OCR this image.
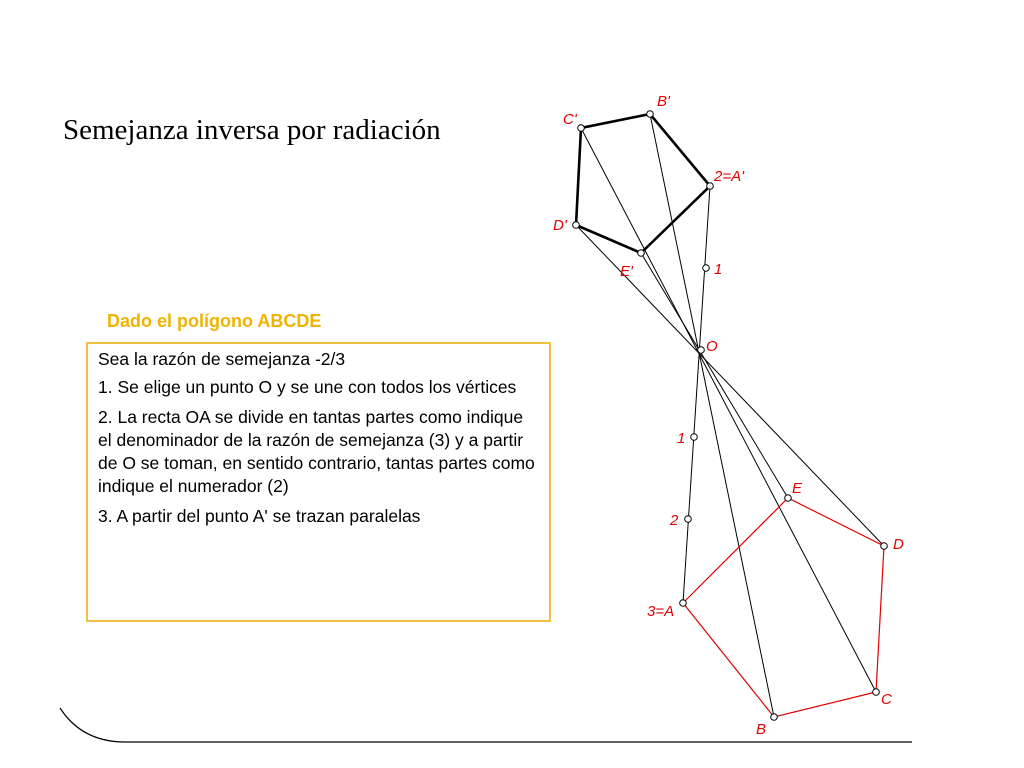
Semejanza inversa por radiación
Dado el polígono ABCDE

Sea la razón de semejanza -2/3

1. Se elige un punto O y se une con todos los vértices

2. La recta OA se divide en tantas partes como indique el denominador de la razón de semejanza (3) y a partir de O se toman, en sentido contrario, tantas partes como indique el numerador (2)

3. A partir del punto A' se trazan paralelas

O
3=A
B
C
D
E
2=A'
B'
C'
D'
E'
1
2
1
